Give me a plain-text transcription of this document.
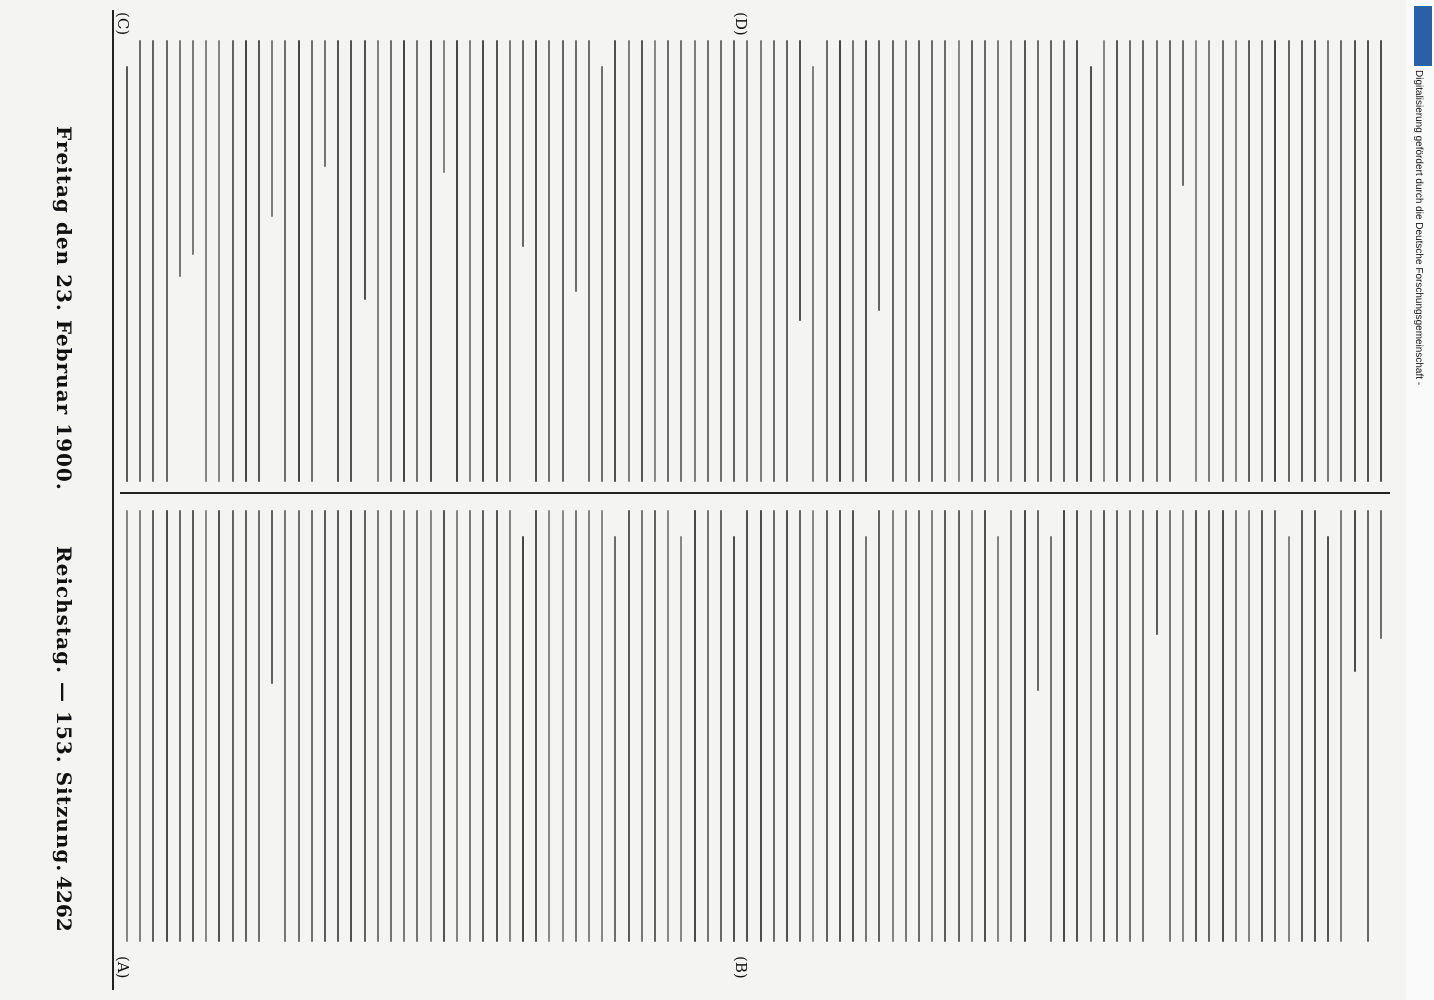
4262
Reichstag. — 153. Sitzung.
Freitag den 23. Februar 1900.
(A)	(B)
(C)	(D)
Digitalisierung gefördert durch die Deutsche Forschungsgemeinschaft -
